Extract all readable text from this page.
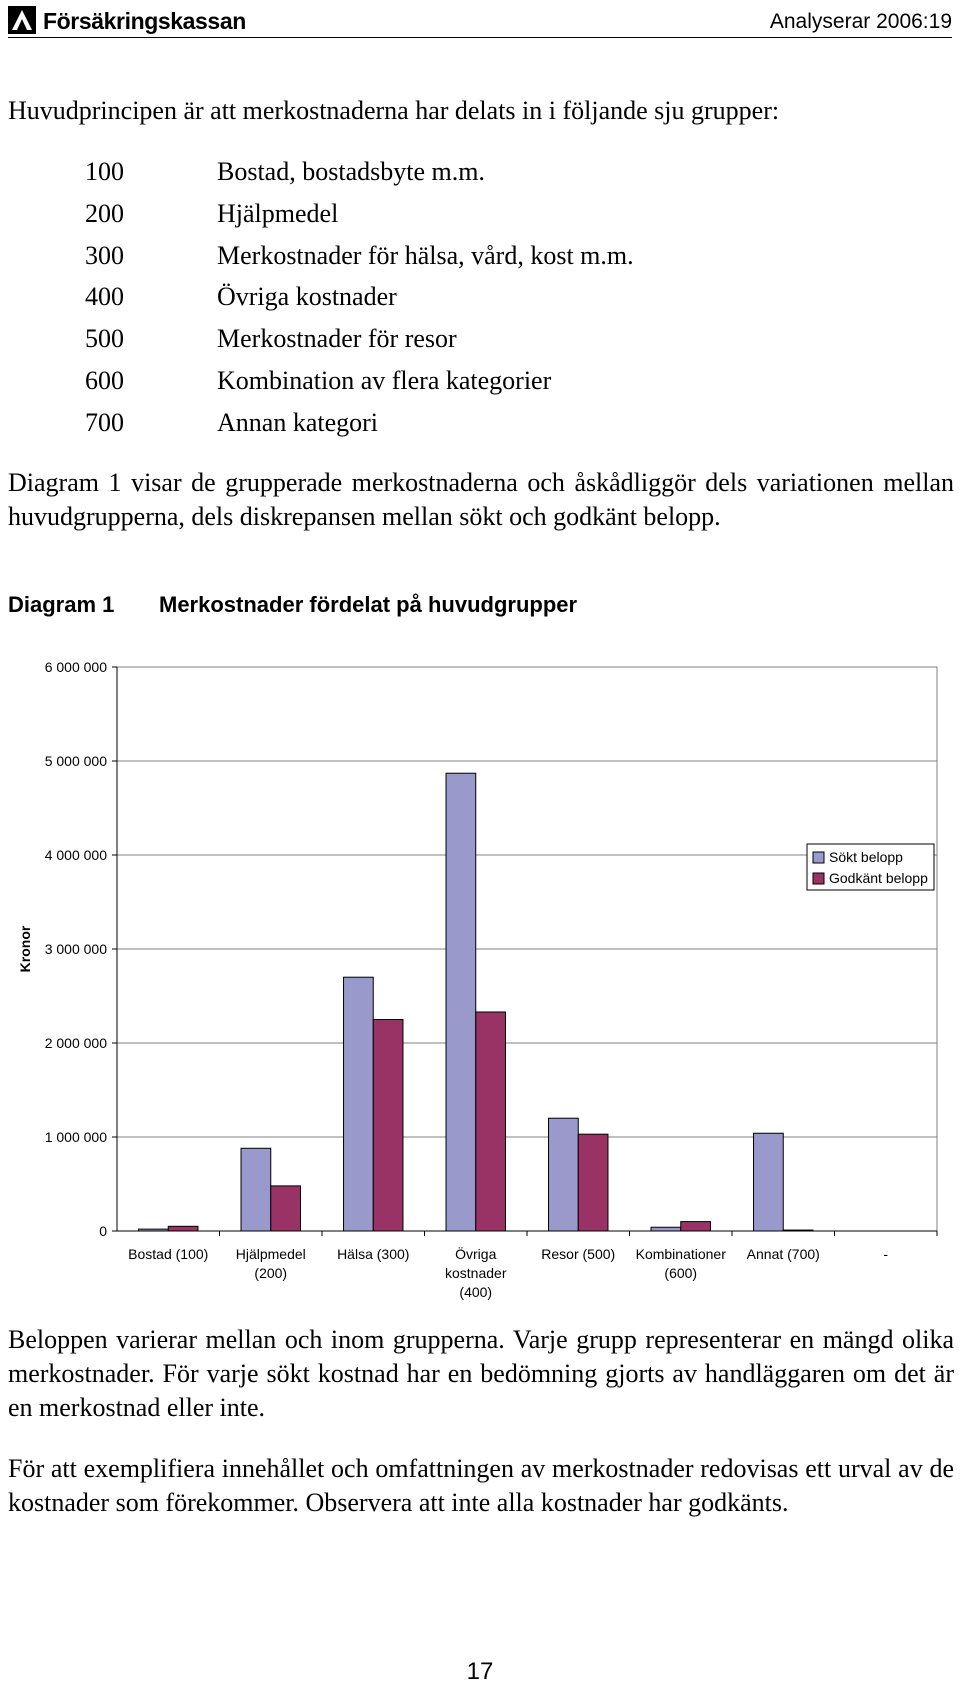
Försäkringskassan	Analyserar 2006:19

Huvudprincipen är att merkostnaderna har delats in i följande sju grupper:

100	Bostad, bostadsbyte m.m.
200	Hjälpmedel
300	Merkostnader för hälsa, vård, kost m.m.
400	Övriga kostnader
500	Merkostnader för resor
600	Kombination av flera kategorier
700	Annan kategori

Diagram 1 visar de grupperade merkostnaderna och åskådliggör dels variationen mellan huvudgrupperna, dels diskrepansen mellan sökt och godkänt belopp.

Diagram 1 Merkostnader fördelat på huvudgrupper
0
1 000 000
2 000 000
3 000 000
4 000 000
5 000 000
6 000 000
Kronor
Bostad (100) Hjälpmedel
(200)
Hälsa (300)	Övriga
kostnader
(400)
Resor (500) Kombinationer
(600)
Annat (700)	-
Sökt belopp
Godkänt belopp

Beloppen varierar mellan och inom grupperna. Varje grupp representerar en mängd olika merkostnader. För varje sökt kostnad har en bedömning gjorts av handläggaren om det är en merkostnad eller inte.

För att exemplifiera innehållet och omfattningen av merkostnader redovisas ett urval av de kostnader som förekommer. Observera att inte alla kostnader har godkänts.

17
